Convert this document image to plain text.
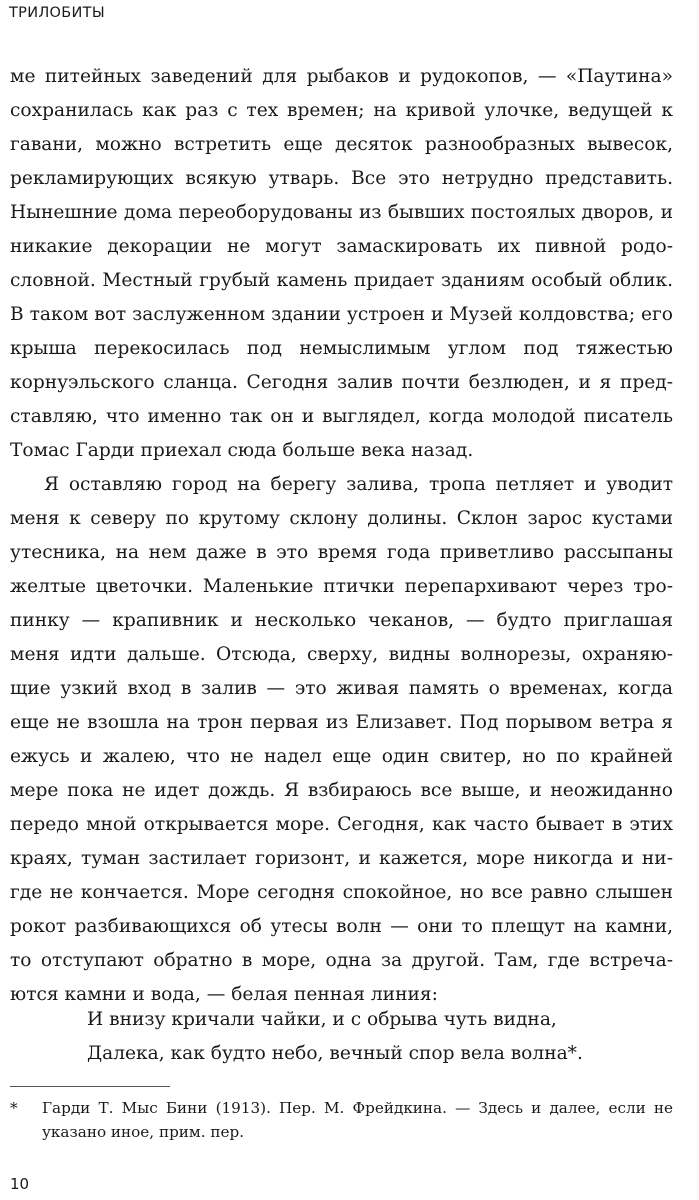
ТРИЛОБИТЫ

ме питейных заведений для рыбаков и рудокопов, — «Паутина» сохранилась как раз с тех времен; на кривой улочке, ведущей к гавани, можно встретить еще десяток разнообразных вывесок, рекламирующих всякую утварь. Все это нетрудно представить. Нынешние дома переоборудованы из бывших постоялых дворов, и никакие декорации не могут замаскировать их пивной родословной. Местный грубый камень придает зданиям особый облик. В таком вот заслуженном здании устроен и Музей колдовства; его крыша перекосилась под немыслимым углом под тяжестью корнуэльского сланца. Сегодня залив почти безлюден, и я представляю, что именно так он и выглядел, когда молодой писатель Томас Гарди приехал сюда больше века назад.

Я оставляю город на берегу залива, тропа петляет и уводит меня к северу по крутому склону долины. Склон зарос кустами утесника, на нем даже в это время года приветливо рассыпаны желтые цветочки. Маленькие птички перепархивают через тропинку — крапивник и несколько чеканов, — будто приглашая меня идти дальше. Отсюда, сверху, видны волнорезы, охраняющие узкий вход в залив — это живая память о временах, когда еще не взошла на трон первая из Елизавет. Под порывом ветра я ежусь и жалею, что не надел еще один свитер, но по крайней мере пока не идет дождь. Я взбираюсь все выше, и неожиданно передо мной открывается море. Сегодня, как часто бывает в этих краях, туман застилает горизонт, и кажется, море никогда и нигде не кончается. Море сегодня спокойное, но все равно слышен рокот разбивающихся об утесы волн — они то плещут на камни, то отступают обратно в море, одна за другой. Там, где встречаются камни и вода, — белая пенная линия:

И внизу кричали чайки, и с обрыва чуть видна,
Далека, как будто небо, вечный спор вела волна*.
*	Гарди Т. Мыс Бини (1913). Пер. М. Фрейдкина. — Здесь и далее, если не указано иное, прим. пер.
10
